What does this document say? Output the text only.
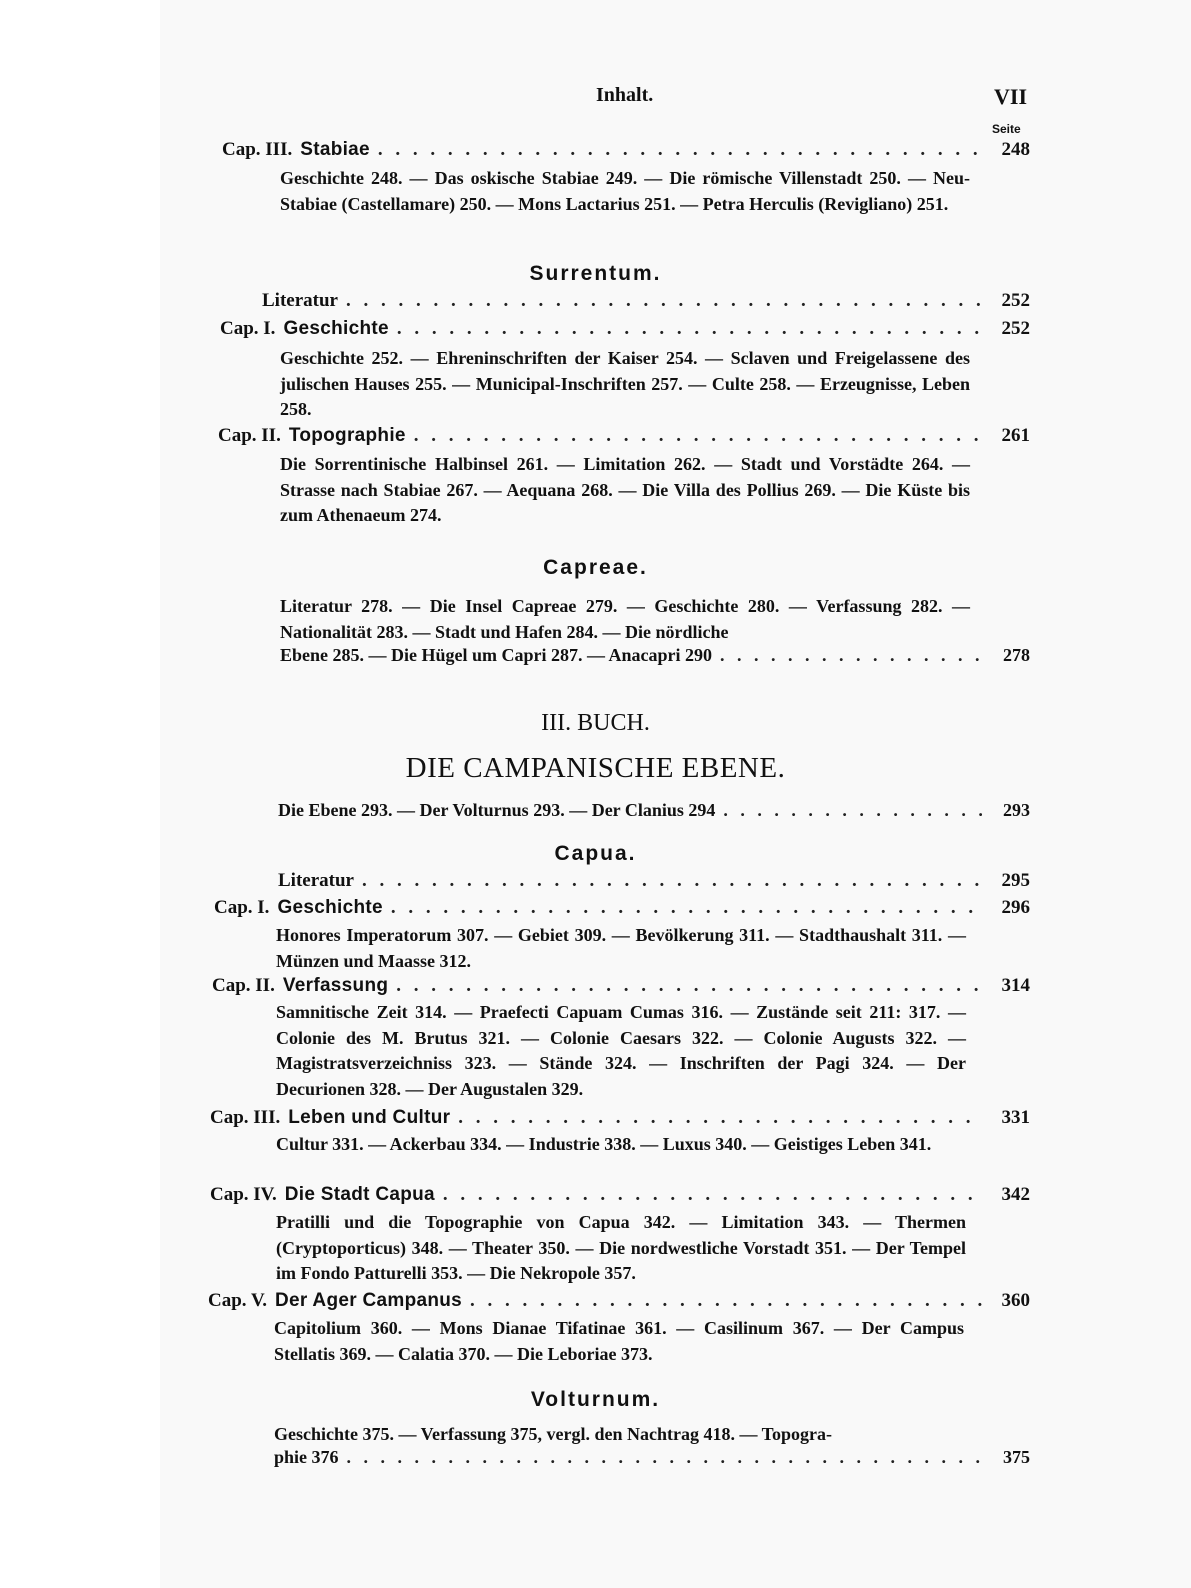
Inhalt.	VII
Seite
Cap. III. Stabiae . . .	248
Geschichte 248. — Das oskische Stabiae 249. — Die römische Villenstadt 250. — Neu-Stabiae (Castellamare) 250. — Mons Lactarius 251. — Petra Herculis (Revigliano) 251.
Surrentum.
Literatur . . .	252
Cap. I. Geschichte . . .	252
Geschichte 252. — Ehreninschriften der Kaiser 254. — Sclaven und Freigelassene des julischen Hauses 255. — Municipal-Inschriften 257. — Culte 258. — Erzeugnisse, Leben 258.
Cap. II. Topographie . . .	261
Die Sorrentinische Halbinsel 261. — Limitation 262. — Stadt und Vorstädte 264. — Strasse nach Stabiae 267. — Aequana 268. — Die Villa des Pollius 269. — Die Küste bis zum Athenaeum 274.
Capreae.
Literatur 278. — Die Insel Capreae 279. — Geschichte 280. — Verfassung 282. — Nationalität 283. — Stadt und Hafen 284. — Die nördliche
Ebene 285. — Die Hügel um Capri 287. — Anacapri 290 . . .	278
III. BUCH.
DIE CAMPANISCHE EBENE.
Die Ebene 293. — Der Volturnus 293. — Der Clanius 294 . . .	293
Capua.
Literatur . . .	295
Cap. I. Geschichte . . .	296
Honores Imperatorum 307. — Gebiet 309. — Bevölkerung 311. — Stadthaushalt 311. — Münzen und Maasse 312.
Cap. II. Verfassung . . .	314
Samnitische Zeit 314. — Praefecti Capuam Cumas 316. — Zustände seit 211: 317. — Colonie des M. Brutus 321. — Colonie Caesars 322. — Colonie Augusts 322. — Magistratsverzeichniss 323. — Stände 324. — Inschriften der Pagi 324. — Der Decurionen 328. — Der Augustalen 329.
Cap. III. Leben und Cultur . . .	331
Cultur 331. — Ackerbau 334. — Industrie 338. — Luxus 340. — Geistiges Leben 341.
Cap. IV. Die Stadt Capua . . .	342
Pratilli und die Topographie von Capua 342. — Limitation 343. — Thermen (Cryptoporticus) 348. — Theater 350. — Die nordwestliche Vorstadt 351. — Der Tempel im Fondo Patturelli 353. — Die Nekropole 357.
Cap. V. Der Ager Campanus . . .	360
Capitolium 360. — Mons Dianae Tifatinae 361. — Casilinum 367. — Der Campus Stellatis 369. — Calatia 370. — Die Leboriae 373.
Volturnum.
Geschichte 375. — Verfassung 375, vergl. den Nachtrag 418. — Topogra-
phie 376 . . .	375
